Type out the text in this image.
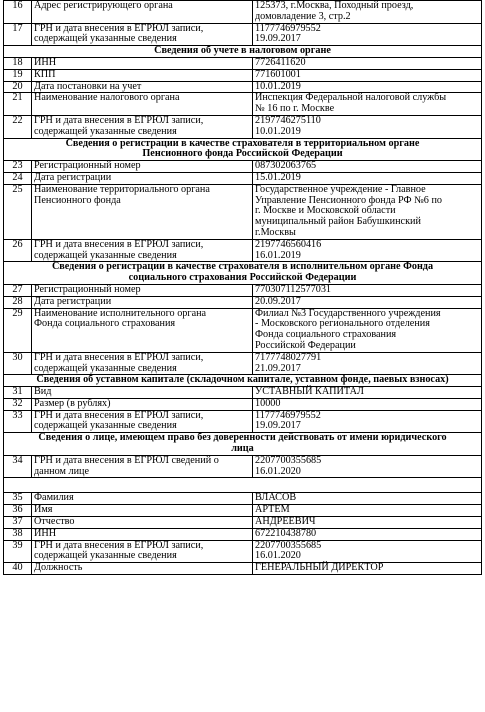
16	Адрес регистрирующего органа	125373, г.Москва, Походный проезд,
домовладение 3, стр.2
17	ГРН и дата внесения в ЕГРЮЛ записи,
содержащей указанные сведения	1177746979552
19.09.2017
Сведения об учете в налоговом органе		
18	ИНН	7726411620
19	КПП	771601001
20	Дата постановки на учет	10.01.2019
21	Наименование налогового органа	Инспекция Федеральной налоговой службы
№ 16 по г. Москве
22	ГРН и дата внесения в ЕГРЮЛ записи,
содержащей указанные сведения	2197746275110
10.01.2019
Сведения о регистрации в качестве страхователя в территориальном органе
Пенсионного фонда Российской Федерации		
23	Регистрационный номер	087302063765
24	Дата регистрации	15.01.2019
25	Наименование территориального органа
Пенсионного фонда	Государственное учреждение - Главное
Управление Пенсионного фонда РФ №6 по
г. Москве и Московской области
муниципальный район Бабушкинский
г.Москвы
26	ГРН и дата внесения в ЕГРЮЛ записи,
содержащей указанные сведения	2197746560416
16.01.2019
Сведения о регистрации в качестве страхователя в исполнительном органе Фонда
социального страхования Российской Федерации		
27	Регистрационный номер	770307112577031
28	Дата регистрации	20.09.2017
29	Наименование исполнительного органа
Фонда социального страхования	Филиал №3 Государственного учреждения
- Московского регионального отделения
Фонда социального страхования
Российской Федерации
30	ГРН и дата внесения в ЕГРЮЛ записи,
содержащей указанные сведения	7177748027791
21.09.2017
Сведения об уставном капитале (складочном капитале, уставном фонде, паевых взносах)		
31	Вид	УСТАВНЫЙ КАПИТАЛ
32	Размер (в рублях)	10000
33	ГРН и дата внесения в ЕГРЮЛ записи,
содержащей указанные сведения	1177746979552
19.09.2017
Сведения о лице, имеющем право без доверенности действовать от имени юридического
лица		
34	ГРН и дата внесения в ЕГРЮЛ сведений о
данном лице	2207700355685
16.01.2020

35	Фамилия	ВЛАСОВ
36	Имя	АРТЕМ
37	Отчество	АНДРЕЕВИЧ
38	ИНН	672210438780
39	ГРН и дата внесения в ЕГРЮЛ записи,
содержащей указанные сведения	2207700355685
16.01.2020
40	Должность	ГЕНЕРАЛЬНЫЙ ДИРЕКТОР
